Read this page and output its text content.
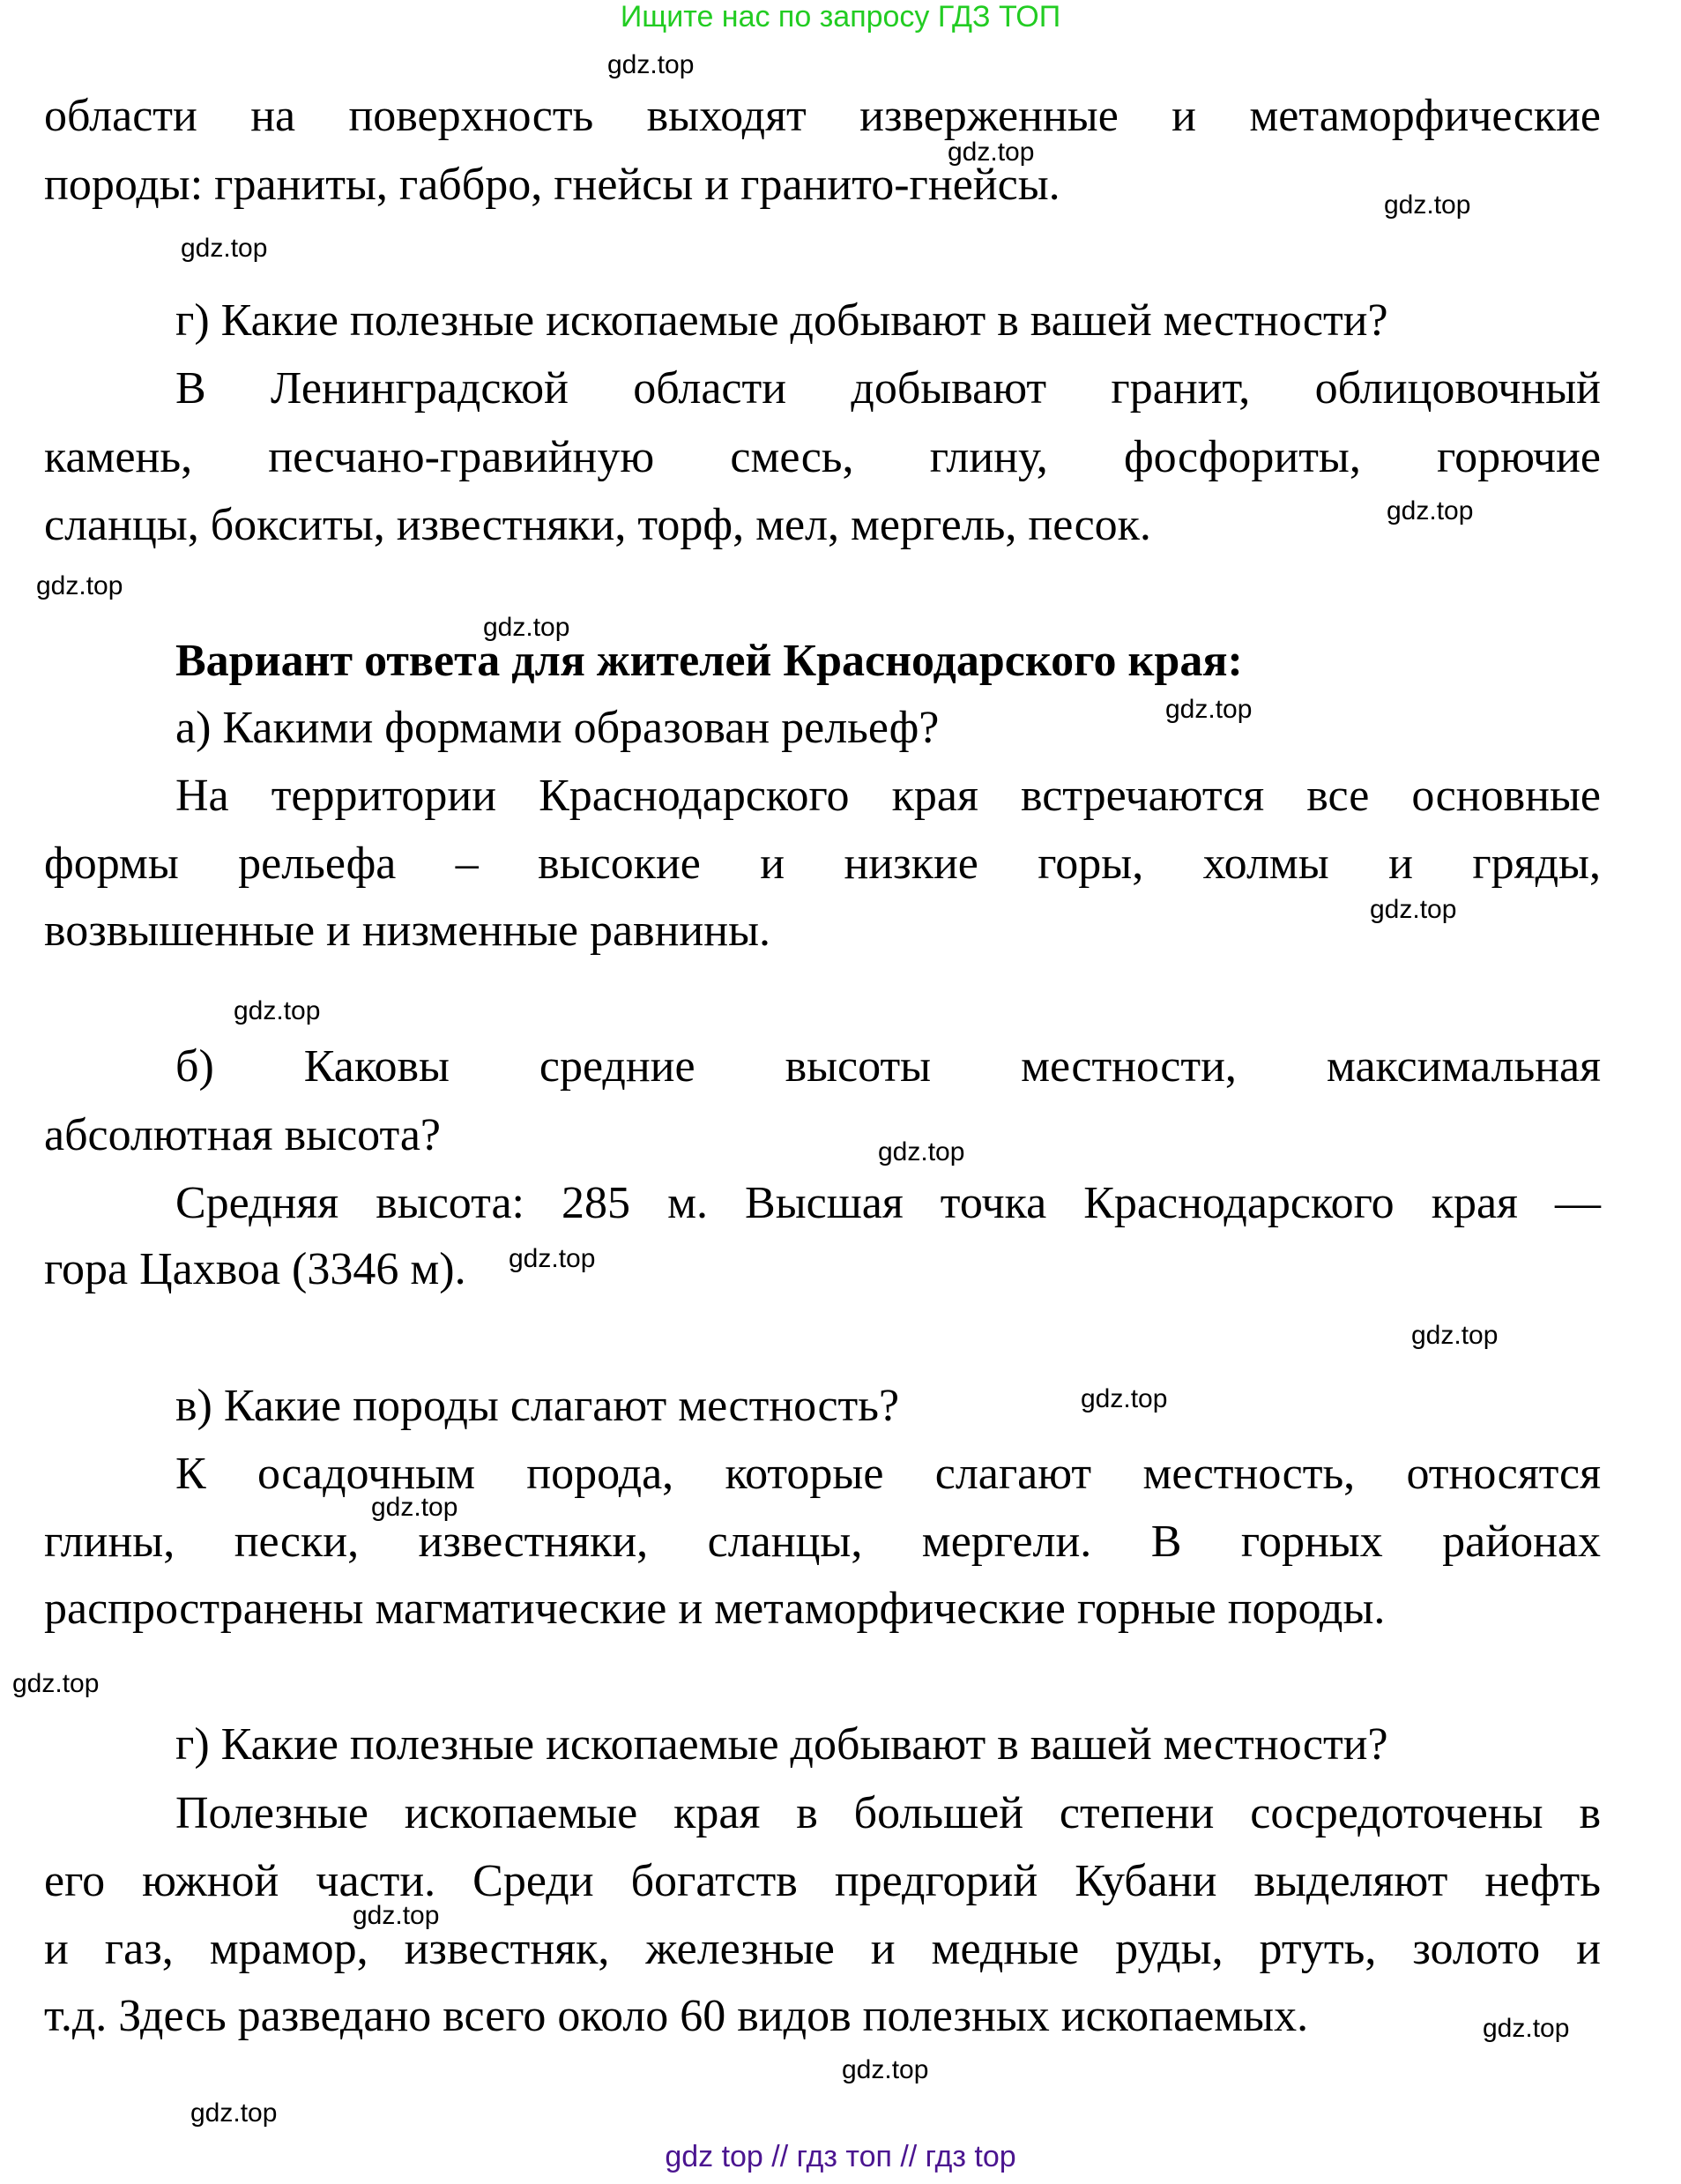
Ищите нас по запросу ГДЗ ТОП
области на поверхность выходят изверженные и метаморфические
породы: граниты, габбро, гнейсы и гранито-гнейсы.
г) Какие полезные ископаемые добывают в вашей местности?
В Ленинградской области добывают гранит, облицовочный
камень, песчано-гравийную смесь, глину, фосфориты, горючие
сланцы, бокситы, известняки, торф, мел, мергель, песок.
Вариант ответа для жителей Краснодарского края:
а) Какими формами образован рельеф?
На территории Краснодарского края встречаются все основные
формы рельефа – высокие и низкие горы, холмы и гряды,
возвышенные и низменные равнины.
б) Каковы средние высоты местности, максимальная
абсолютная высота?
Средняя высота: 285 м. Высшая точка Краснодарского края —
гора Цахвоа (3346 м).
в) Какие породы слагают местность?
К осадочным порода, которые слагают местность, относятся
глины, пески, известняки, сланцы, мергели. В горных районах
распространены магматические и метаморфические горные породы.
г) Какие полезные ископаемые добывают в вашей местности?
Полезные ископаемые края в большей степени сосредоточены в
его южной части. Среди богатств предгорий Кубани выделяют нефть
и газ, мрамор, известняк, железные и медные руды, ртуть, золото и
т.д. Здесь разведано всего около 60 видов полезных ископаемых.
gdz.top
gdz.top
gdz.top
gdz.top
gdz.top
gdz.top
gdz.top
gdz.top
gdz.top
gdz.top
gdz.top
gdz.top
gdz.top
gdz.top
gdz.top
gdz.top
gdz.top
gdz.top
gdz.top
gdz.top
gdz top // гдз топ // гдз top
